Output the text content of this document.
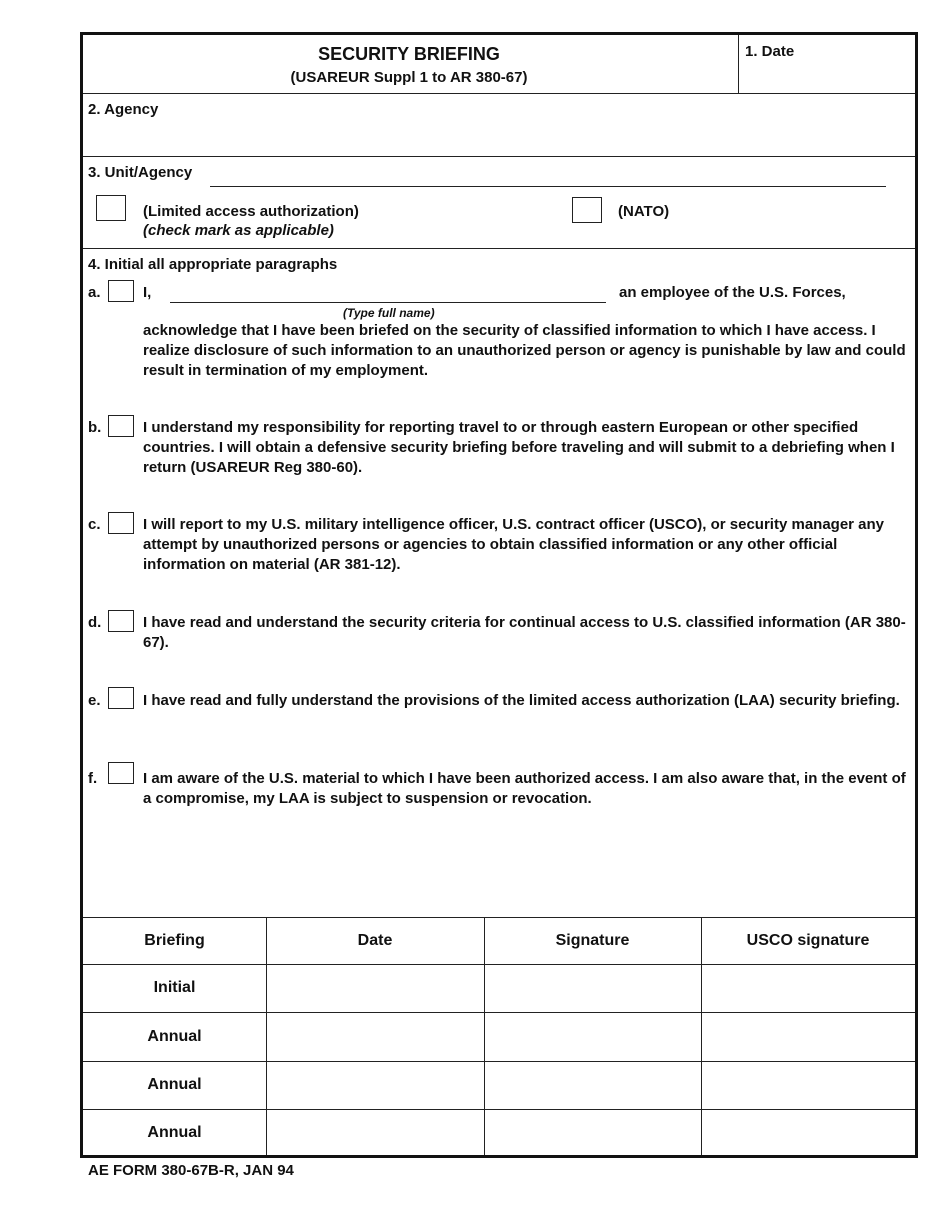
SECURITY BRIEFING
(USAREUR Suppl 1 to AR 380-67)
1. Date
2. Agency
3. Unit/Agency
(Limited access authorization)
(check mark as applicable)
(NATO)
4. Initial all appropriate paragraphs
a.	I,	an employee of the U.S. Forces,
(Type full name)
acknowledge that I have been briefed on the security of classified information to which I have access. I realize disclosure of such information to an unauthorized person or agency is punishable by law and could result in termination of my employment.
b.	I understand my responsibility for reporting travel to or through eastern European or other specified countries. I will obtain a defensive security briefing before traveling and will submit to a debriefing when I return (USAREUR Reg 380-60).
c.	I will report to my U.S. military intelligence officer, U.S. contract officer (USCO), or security manager any attempt by unauthorized persons or agencies to obtain classified information or any other official information on material (AR 381-12).
d.	I have read and understand the security criteria for continual access to U.S. classified information (AR 380-67).
e.	I have read and fully understand the provisions of the limited access authorization (LAA) security briefing.
f.	I am aware of the U.S. material to which I have been authorized access. I am also aware that, in the event of a compromise, my LAA is subject to suspension or revocation.
Briefing	Date	Signature	USCO signature
Initial
Annual
Annual
Annual
AE FORM 380-67B-R, JAN 94
